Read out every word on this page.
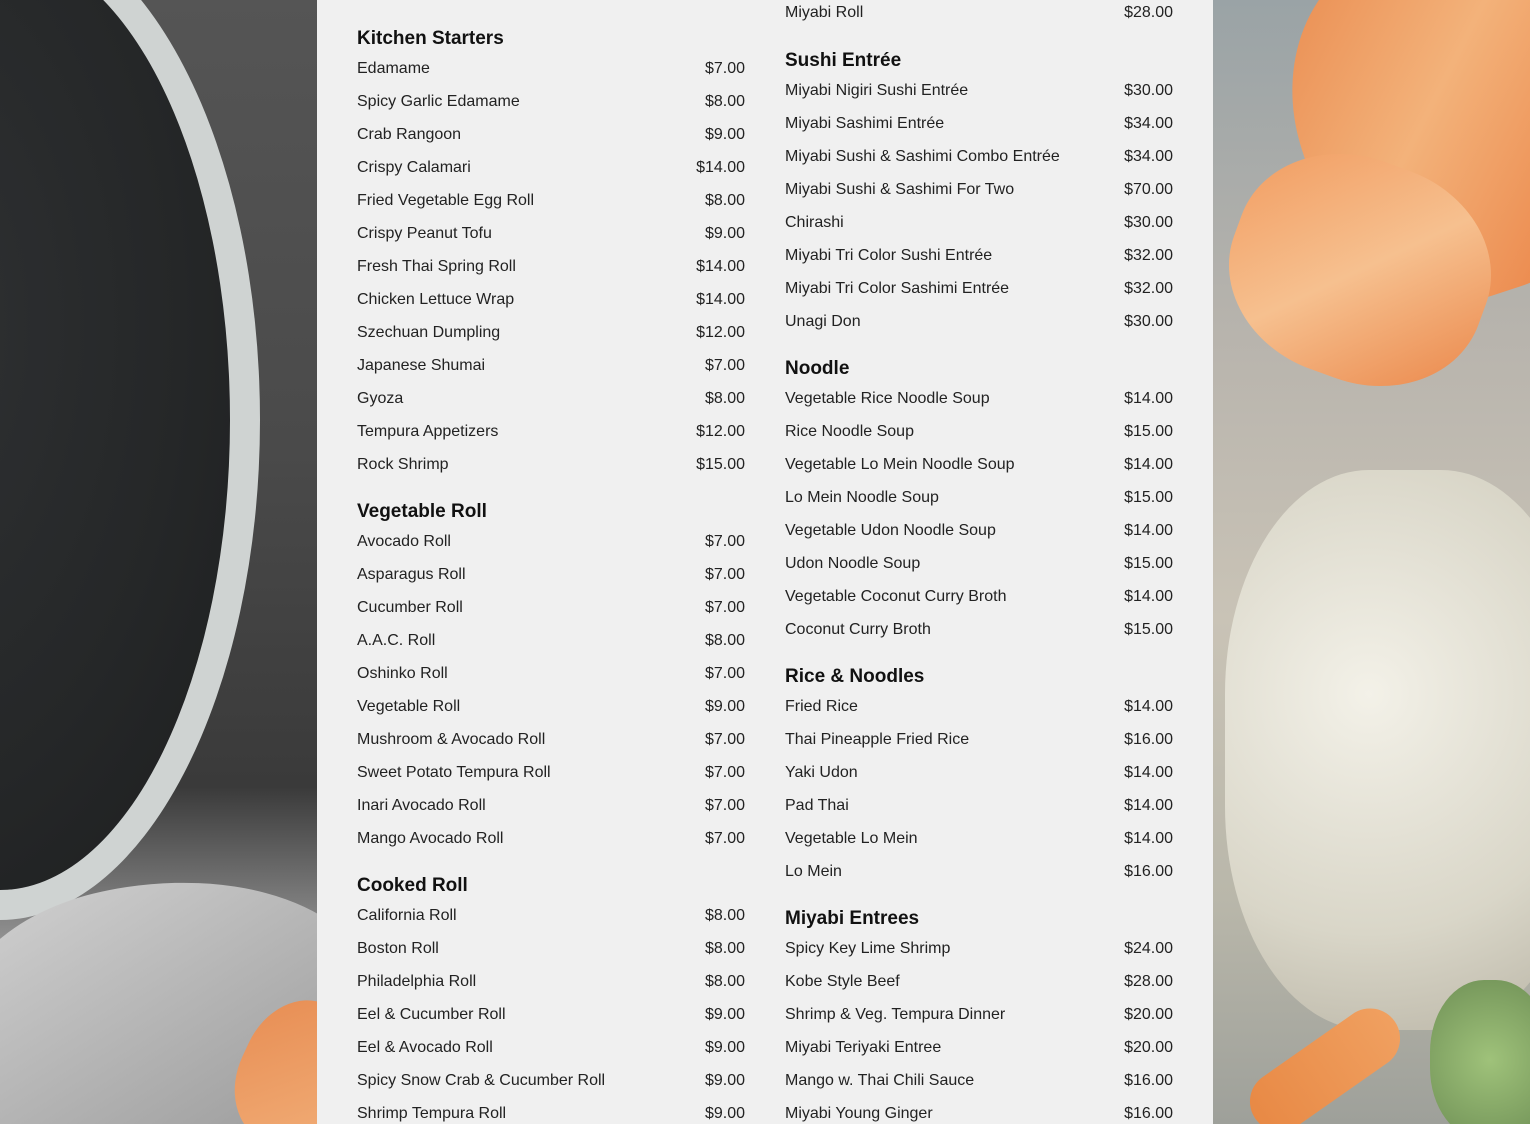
Kitchen Starters
Edamame	$7.00
Spicy Garlic Edamame	$8.00
Crab Rangoon	$9.00
Crispy Calamari	$14.00
Fried Vegetable Egg Roll	$8.00
Crispy Peanut Tofu	$9.00
Fresh Thai Spring Roll	$14.00
Chicken Lettuce Wrap	$14.00
Szechuan Dumpling	$12.00
Japanese Shumai	$7.00
Gyoza	$8.00
Tempura Appetizers	$12.00
Rock Shrimp	$15.00
Vegetable Roll
Avocado Roll	$7.00
Asparagus Roll	$7.00
Cucumber Roll	$7.00
A.A.C. Roll	$8.00
Oshinko Roll	$7.00
Vegetable Roll	$9.00
Mushroom & Avocado Roll	$7.00
Sweet Potato Tempura Roll	$7.00
Inari Avocado Roll	$7.00
Mango Avocado Roll	$7.00
Cooked Roll
California Roll	$8.00
Boston Roll	$8.00
Philadelphia Roll	$8.00
Eel & Cucumber Roll	$9.00
Eel & Avocado Roll	$9.00
Spicy Snow Crab & Cucumber Roll	$9.00
Shrimp Tempura Roll	$9.00
Miyabi Roll	$28.00
Sushi Entrée
Miyabi Nigiri Sushi Entrée	$30.00
Miyabi Sashimi Entrée	$34.00
Miyabi Sushi & Sashimi Combo Entrée	$34.00
Miyabi Sushi & Sashimi For Two	$70.00
Chirashi	$30.00
Miyabi Tri Color Sushi Entrée	$32.00
Miyabi Tri Color Sashimi Entrée	$32.00
Unagi Don	$30.00
Noodle
Vegetable Rice Noodle Soup	$14.00
Rice Noodle Soup	$15.00
Vegetable Lo Mein Noodle Soup	$14.00
Lo Mein Noodle Soup	$15.00
Vegetable Udon Noodle Soup	$14.00
Udon Noodle Soup	$15.00
Vegetable Coconut Curry Broth	$14.00
Coconut Curry Broth	$15.00
Rice & Noodles
Fried Rice	$14.00
Thai Pineapple Fried Rice	$16.00
Yaki Udon	$14.00
Pad Thai	$14.00
Vegetable Lo Mein	$14.00
Lo Mein	$16.00
Miyabi Entrees
Spicy Key Lime Shrimp	$24.00
Kobe Style Beef	$28.00
Shrimp & Veg. Tempura Dinner	$20.00
Miyabi Teriyaki Entree	$20.00
Mango w. Thai Chili Sauce	$16.00
Miyabi Young Ginger	$16.00
